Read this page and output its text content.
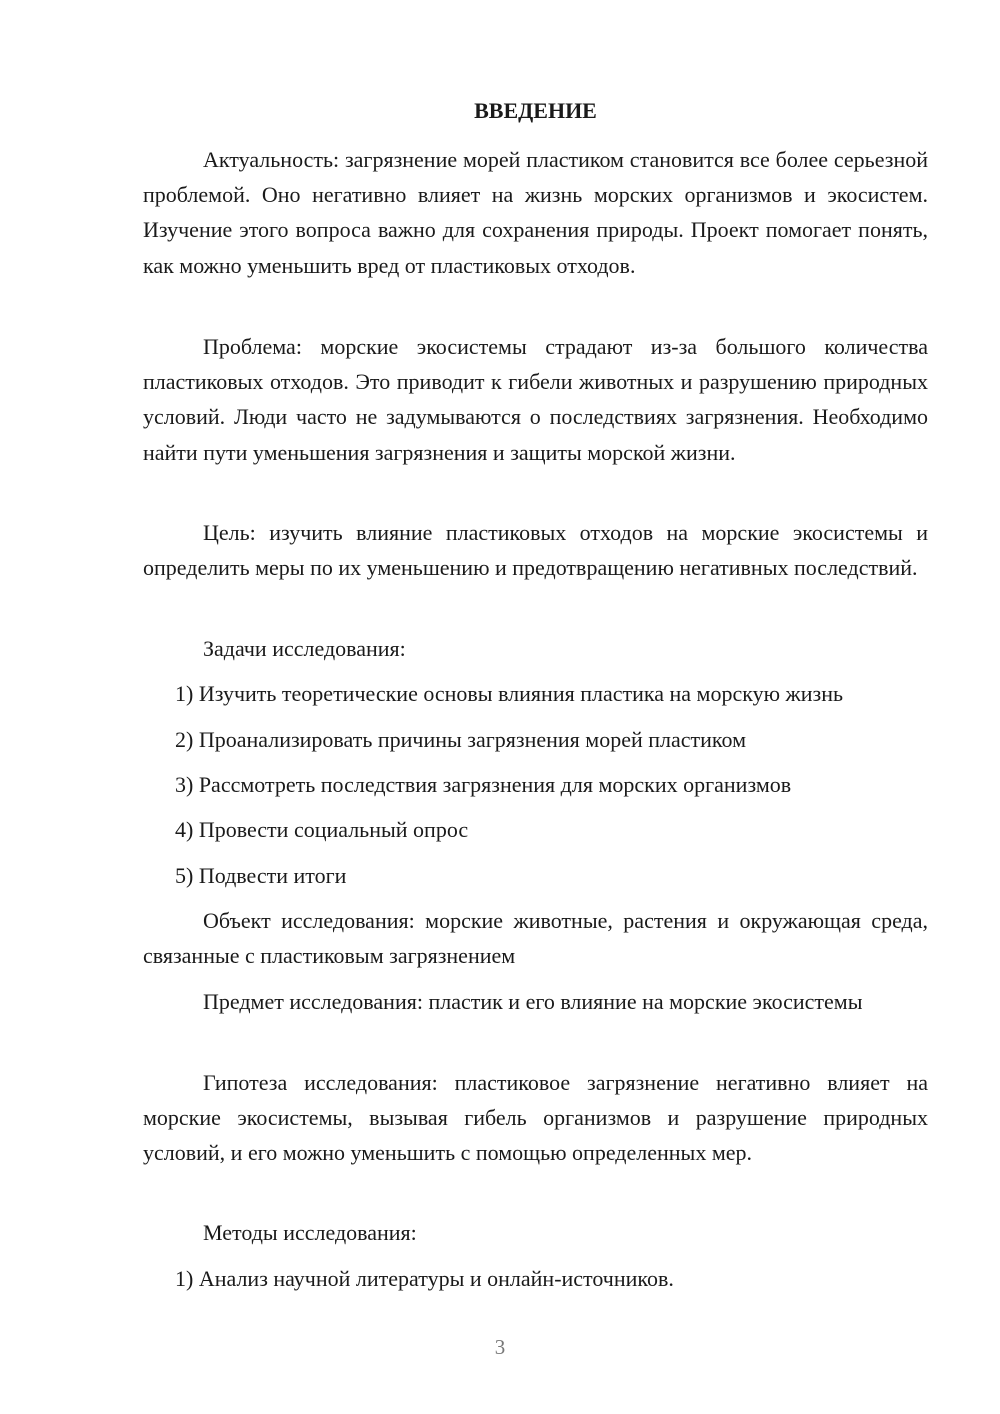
ВВЕДЕНИЕ

Актуальность: загрязнение морей пластиком становится все более серьезной проблемой. Оно негативно влияет на жизнь морских организмов и экосистем. Изучение этого вопроса важно для сохранения природы. Проект помогает понять, как можно уменьшить вред от пластиковых отходов.

Проблема: морские экосистемы страдают из-за большого количества пластиковых отходов. Это приводит к гибели животных и разрушению природных условий. Люди часто не задумываются о последствиях загрязнения. Необходимо найти пути уменьшения загрязнения и защиты морской жизни.

Цель: изучить влияние пластиковых отходов на морские экосистемы и определить меры по их уменьшению и предотвращению негативных последствий.

Задачи исследования:

1) Изучить теоретические основы влияния пластика на морскую жизнь

2) Проанализировать причины загрязнения морей пластиком

3) Рассмотреть последствия загрязнения для морских организмов

4) Провести социальный опрос

5) Подвести итоги

Объект исследования: морские животные, растения и окружающая среда, связанные с пластиковым загрязнением

Предмет исследования: пластик и его влияние на морские экосистемы

Гипотеза исследования: пластиковое загрязнение негативно влияет на морские экосистемы, вызывая гибель организмов и разрушение природных условий, и его можно уменьшить с помощью определенных мер.

Методы исследования:

1) Анализ научной литературы и онлайн-источников.

3
